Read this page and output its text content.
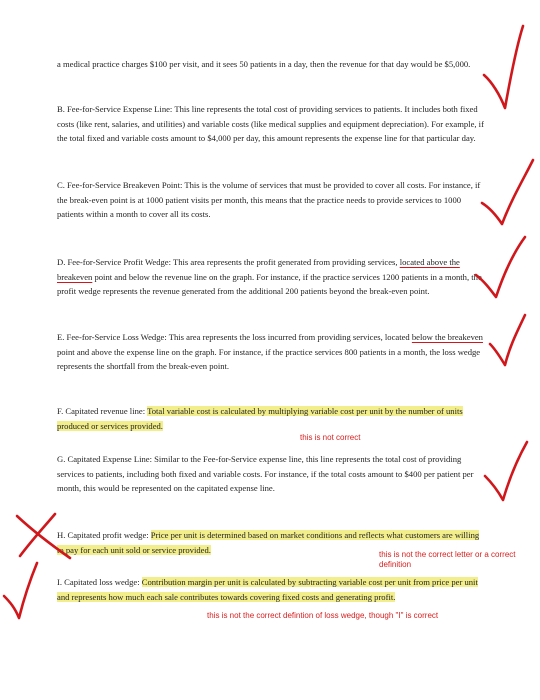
a medical practice charges $100 per visit, and it sees 50 patients in a day, then the revenue for that day would be $5,000.

B. Fee-for-Service Expense Line: This line represents the total cost of providing services to patients. It includes both fixed costs (like rent, salaries, and utilities) and variable costs (like medical supplies and equipment depreciation). For example, if the total fixed and variable costs amount to $4,000 per day, this amount represents the expense line for that particular day.

C. Fee-for-Service Breakeven Point: This is the volume of services that must be provided to cover all costs. For instance, if the break-even point is at 1000 patient visits per month, this means that the practice needs to provide services to 1000 patients within a month to cover all its costs.

D. Fee-for-Service Profit Wedge: This area represents the profit generated from providing services, located above the breakeven point and below the revenue line on the graph. For instance, if the practice services 1200 patients in a month, the profit wedge represents the revenue generated from the additional 200 patients beyond the break-even point.

E. Fee-for-Service Loss Wedge: This area represents the loss incurred from providing services, located below the breakeven point and above the expense line on the graph. For instance, if the practice services 800 patients in a month, the loss wedge represents the shortfall from the break-even point.

F. Capitated revenue line: Total variable cost is calculated by multiplying variable cost per unit by the number of units produced or services provided.

G. Capitated Expense Line: Similar to the Fee-for-Service expense line, this line represents the total cost of providing services to patients, including both fixed and variable costs. For instance, if the total costs amount to $400 per patient per month, this would be represented on the capitated expense line.

H. Capitated profit wedge: Price per unit is determined based on market conditions and reflects what customers are willing to pay for each unit sold or service provided.

I. Capitated loss wedge: Contribution margin per unit is calculated by subtracting variable cost per unit from price per unit and represents how much each sale contributes towards covering fixed costs and generating profit.

this is not correct

this is not the correct letter or a correct definition

this is not the correct defintion of loss wedge, though "I" is correct
